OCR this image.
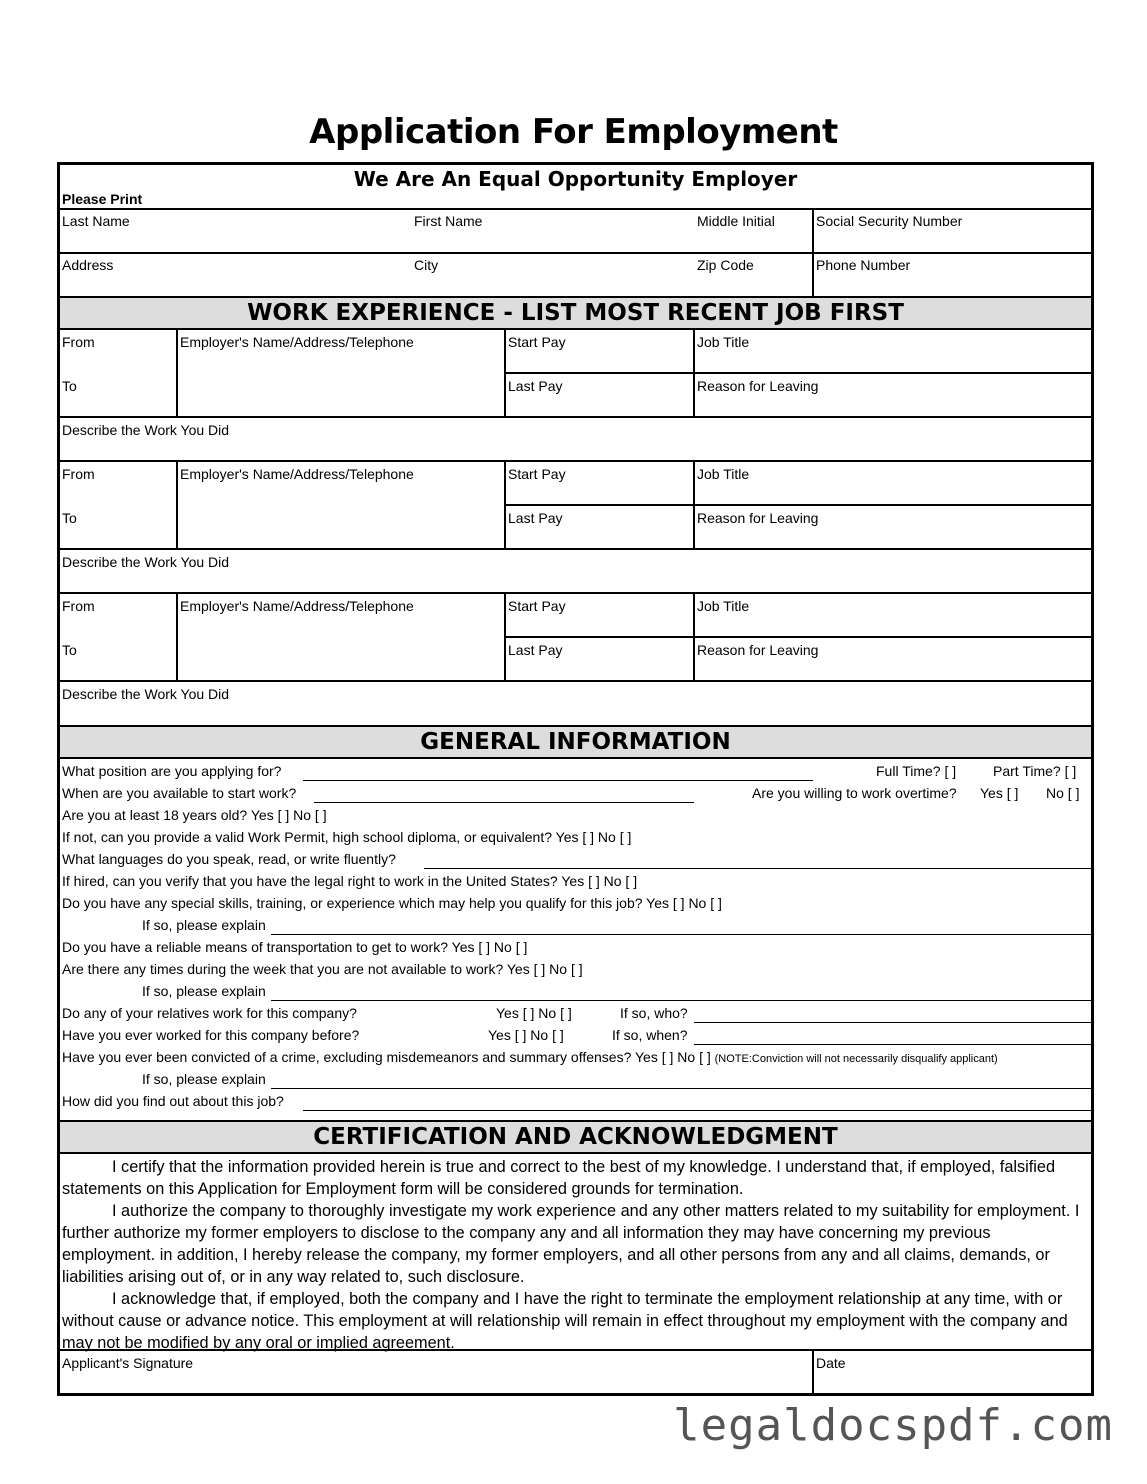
Application For Employment
We Are An Equal Opportunity Employer
Please Print
Last Name	First Name	Middle Initial	Social Security Number
Address	City	Zip Code	Phone Number
WORK EXPERIENCE - LIST MOST RECENT JOB FIRST
From	Employer's Name/Address/Telephone	Start Pay	Job Title
To	Last Pay	Reason for Leaving
Describe the Work You Did
From	Employer's Name/Address/Telephone	Start Pay	Job Title
To	Last Pay	Reason for Leaving
Describe the Work You Did
From	Employer's Name/Address/Telephone	Start Pay	Job Title
To	Last Pay	Reason for Leaving
Describe the Work You Did
GENERAL INFORMATION
What position are you applying for?	Full Time? [ ]	Part Time? [ ]
When are you available to start work?	Are you willing to work overtime? Yes [ ] No [ ]
Are you at least 18 years old? Yes [ ] No [ ]
If not, can you provide a valid Work Permit, high school diploma, or equivalent? Yes [ ] No [ ]
What languages do you speak, read, or write fluently?
If hired, can you verify that you have the legal right to work in the United States? Yes [ ] No [ ]
Do you have any special skills, training, or experience which may help you qualify for this job? Yes [ ] No [ ]
If so, please explain
Do you have a reliable means of transportation to get to work? Yes [ ] No [ ]
Are there any times during the week that you are not available to work? Yes [ ] No [ ]
If so, please explain
Do any of your relatives work for this company?	Yes [ ] No [ ]	If so, who?
Have you ever worked for this company before?	Yes [ ] No [ ]	If so, when?
Have you ever been convicted of a crime, excluding misdemeanors and summary offenses? Yes [ ] No [ ] (NOTE:Conviction will not necessarily disqualify applicant)
If so, please explain
How did you find out about this job?
CERTIFICATION AND ACKNOWLEDGMENT

I certify that the information provided herein is true and correct to the best of my knowledge. I understand that, if employed, falsified statements on this Application for Employment form will be considered grounds for termination.

I authorize the company to thoroughly investigate my work experience and any other matters related to my suitability for employment. I further authorize my former employers to disclose to the company any and all information they may have concerning my previous employment. in addition, I hereby release the company, my former employers, and all other persons from any and all claims, demands, or liabilities arising out of, or in any way related to, such disclosure.

I acknowledge that, if employed, both the company and I have the right to terminate the employment relationship at any time, with or without cause or advance notice. This employment at will relationship will remain in effect throughout my employment with the company and may not be modified by any oral or implied agreement.

Applicant's Signature	Date
legaldocspdf.com
